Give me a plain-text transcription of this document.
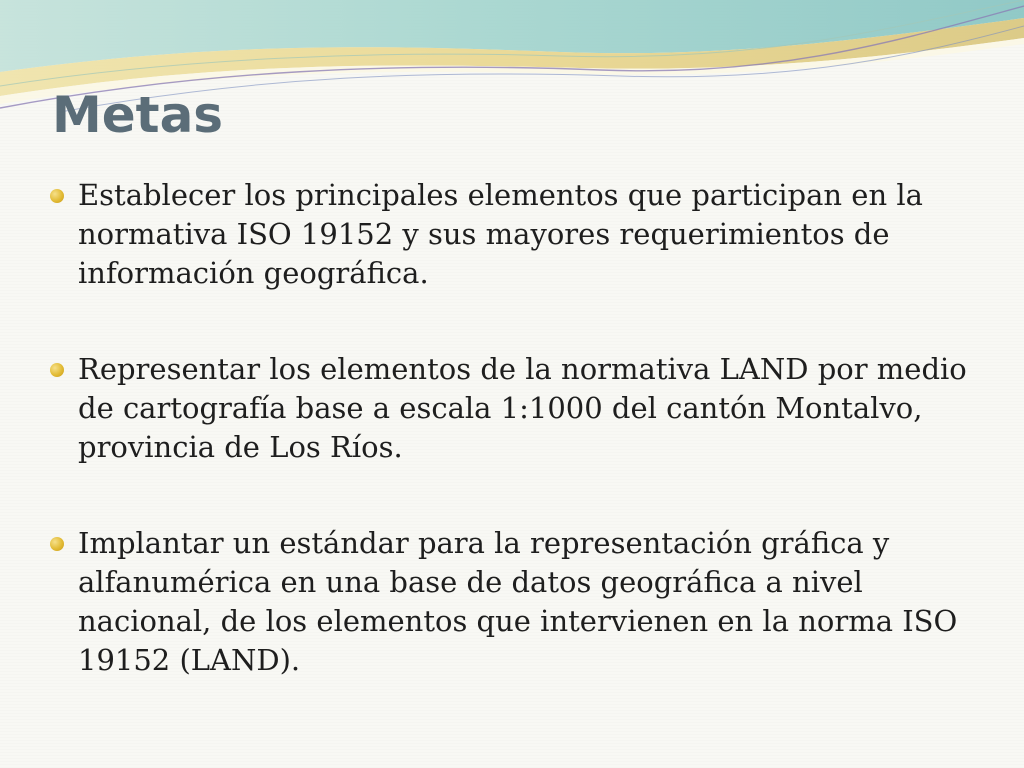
Metas
Establecer los principales elementos que participan en la normativa ISO 19152 y sus mayores requerimientos de información geográfica.
Representar los elementos de la normativa LAND por medio de cartografía base a escala 1:1000 del cantón Montalvo, provincia de Los Ríos.
Implantar un estándar para la representación gráfica y alfanumérica en una base de datos geográfica a nivel nacional, de los elementos que intervienen en la norma ISO 19152 (LAND).
